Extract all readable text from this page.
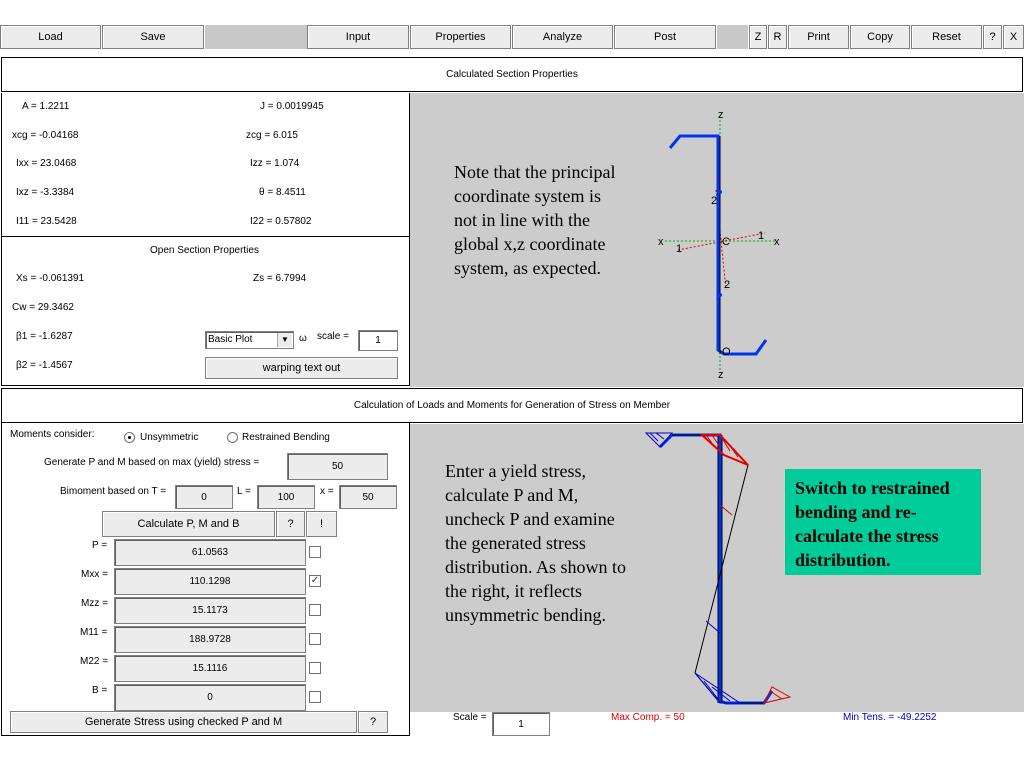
Load	Save	Input	Properties	Analyze	Post	Z	R	Print	Copy	Reset	?	X
Calculated Section Properties
A = 1.2211	J = 0.0019945
xcg = -0.04168	zcg = 6.015
Ixx = 23.0468	Izz = 1.074
Ixz = -3.3384	θ = 8.4511
I11 = 23.5428	I22 = 0.57802
Open Section Properties
Xs = -0.061391	Zs = 6.7994
Cw = 29.3462
β1 = -1.6287
β2 = -1.4567
Basic Plot	▼	ω scale =	1
warping text out
Note that the principal coordinate system is not in line with the global x,z coordinate system, as expected.
z
z
x	x
1
1
2
2
C
O
Calculation of Loads and Moments for Generation of Stress on Member
Moments consider:	Unsymmetric	Restrained Bending
Generate P and M based on max (yield) stress =	50
Bimoment based on T =	0	L =	100	x =	50
Calculate P, M and B	?	!
P =
61.0563
Mxx =
110.1298	✓
Mzz =
15.1173
M11 =
188.9728
M22 =
15.1116
B =
0
Generate Stress using checked P and M	?
Enter a yield stress, calculate P and M, uncheck P and examine the generated stress distribution. As shown to the right, it reflects unsymmetric bending.
Switch to restrained bending and re-calculate the stress distribution.
Scale =
1
Max Comp. = 50	Min Tens. = -49.2252
